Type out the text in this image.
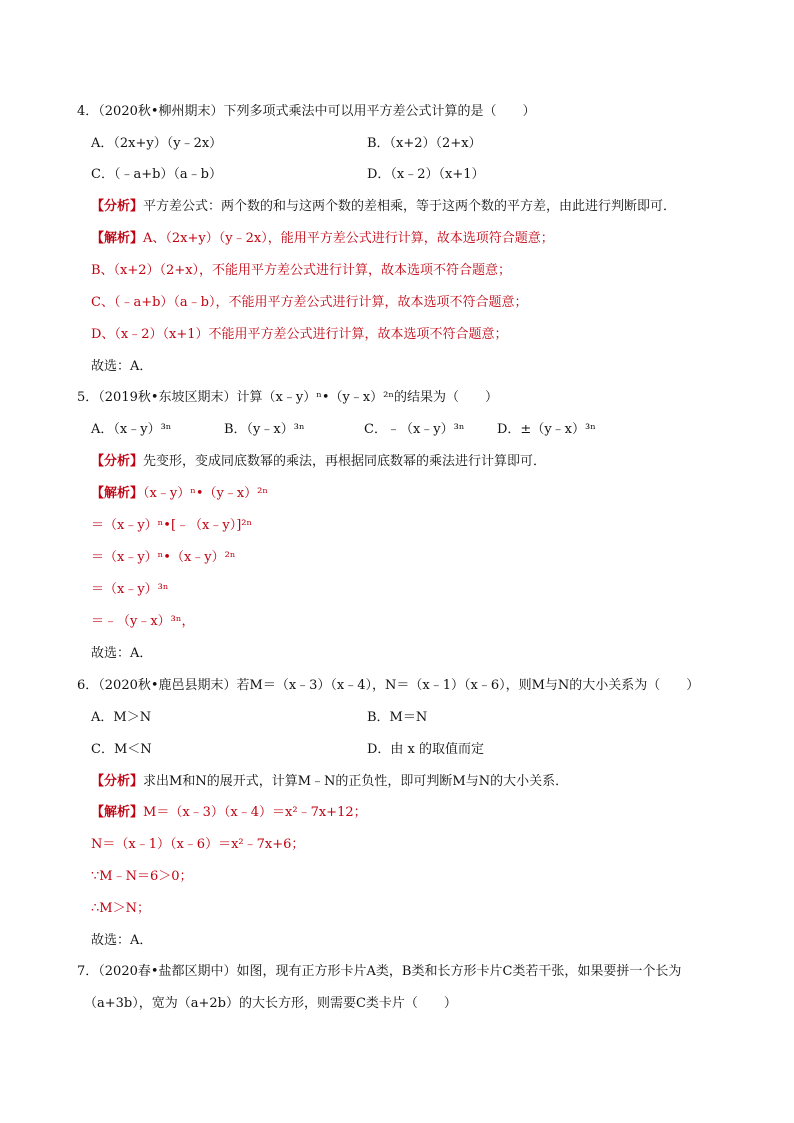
4．（2020秋•柳州期末）下列多项式乘法中可以用平方差公式计算的是（　　）
A．（2x+y）（y﹣2x）	B．（x+2）（2+x）
C．（﹣a+b）（a﹣b）	D．（x﹣2）（x+1）
【分析】平方差公式：两个数的和与这两个数的差相乘，等于这两个数的平方差，由此进行判断即可．
【解析】A、（2x+y）（y﹣2x），能用平方差公式进行计算，故本选项符合题意；
B、（x+2）（2+x），不能用平方差公式进行计算，故本选项不符合题意；
C、（﹣a+b）（a﹣b），不能用平方差公式进行计算，故本选项不符合题意；
D、（x﹣2）（x+1）不能用平方差公式进行计算，故本选项不符合题意；
故选：A．
5．（2019秋•东坡区期末）计算（x﹣y）ⁿ•（y﹣x）²ⁿ的结果为（　　）
A．（x﹣y）³ⁿ	B．（y﹣x）³ⁿ	C．﹣（x﹣y）³ⁿ	D．±（y﹣x）³ⁿ
【分析】先变形，变成同底数幂的乘法，再根据同底数幂的乘法进行计算即可．
【解析】（x﹣y）ⁿ•（y﹣x）²ⁿ
＝（x﹣y）ⁿ•[﹣（x﹣y）]²ⁿ
＝（x﹣y）ⁿ•（x﹣y）²ⁿ
＝（x﹣y）³ⁿ
＝﹣（y﹣x）³ⁿ，
故选：A．
6．（2020秋•鹿邑县期末）若M＝（x﹣3）（x﹣4），N＝（x﹣1）（x﹣6），则M与N的大小关系为（　　）
A．M＞N	B．M＝N
C．M＜N	D．由 x 的取值而定
【分析】求出M和N的展开式，计算M﹣N的正负性，即可判断M与N的大小关系．
【解析】M＝（x﹣3）（x﹣4）＝x²﹣7x+12；
N＝（x﹣1）（x﹣6）＝x²﹣7x+6；
∵M﹣N＝6＞0；
∴M＞N；
故选：A．
7．（2020春•盐都区期中）如图，现有正方形卡片A类，B类和长方形卡片C类若干张，如果要拼一个长为
（a+3b），宽为（a+2b）的大长方形，则需要C类卡片（　　）
